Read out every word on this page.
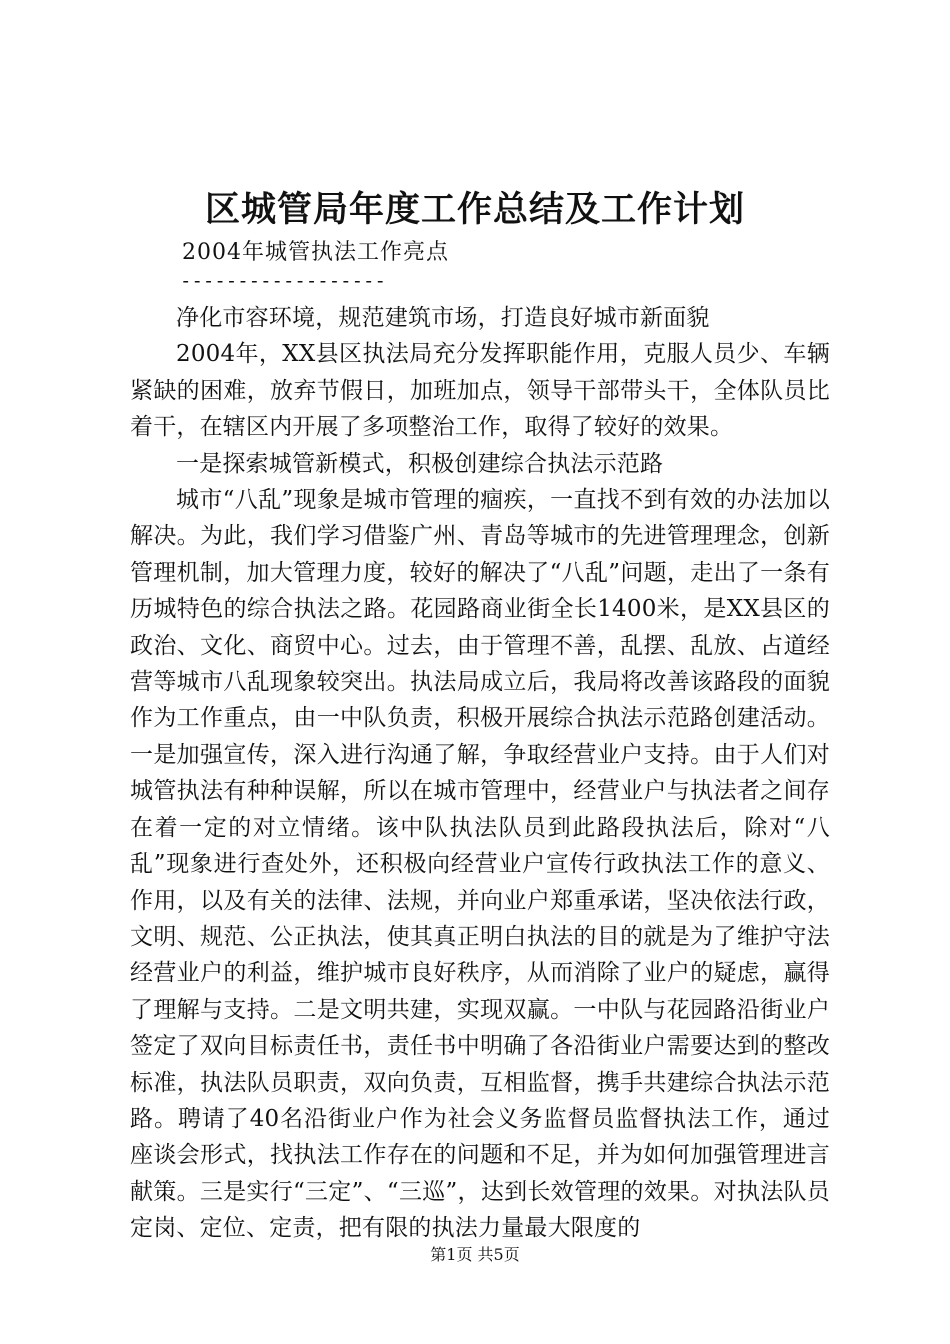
区城管局年度工作总结及工作计划
2004年城管执法工作亮点
------------------

净化市容环境，规范建筑市场，打造良好城市新面貌

2004年，XX县区执法局充分发挥职能作用，克服人员少、车辆紧缺的困难，放弃节假日，加班加点，领导干部带头干，全体队员比着干，在辖区内开展了多项整治工作，取得了较好的效果。

一是探索城管新模式，积极创建综合执法示范路

城市“八乱”现象是城市管理的痼疾，一直找不到有效的办法加以解决。为此，我们学习借鉴广州、青岛等城市的先进管理理念，创新管理机制，加大管理力度，较好的解决了“八乱”问题，走出了一条有历城特色的综合执法之路。花园路商业街全长1400米，是XX县区的政治、文化、商贸中心。过去，由于管理不善，乱摆、乱放、占道经营等城市八乱现象较突出。执法局成立后，我局将改善该路段的面貌作为工作重点，由一中队负责，积极开展综合执法示范路创建活动。一是加强宣传，深入进行沟通了解，争取经营业户支持。由于人们对城管执法有种种误解，所以在城市管理中，经营业户与执法者之间存在着一定的对立情绪。该中队执法队员到此路段执法后，除对“八乱”现象进行查处外，还积极向经营业户宣传行政执法工作的意义、作用，以及有关的法律、法规，并向业户郑重承诺，坚决依法行政，文明、规范、公正执法，使其真正明白执法的目的就是为了维护守法经营业户的利益，维护城市良好秩序，从而消除了业户的疑虑，赢得了理解与支持。二是文明共建，实现双赢。一中队与花园路沿街业户签定了双向目标责任书，责任书中明确了各沿街业户需要达到的整改标准，执法队员职责，双向负责，互相监督，携手共建综合执法示范路。聘请了40名沿街业户作为社会义务监督员监督执法工作，通过座谈会形式，找执法工作存在的问题和不足，并为如何加强管理进言献策。三是实行“三定”、“三巡”，达到长效管理的效果。对执法队员定岗、定位、定责，把有限的执法力量最大限度的

第1页 共5页
